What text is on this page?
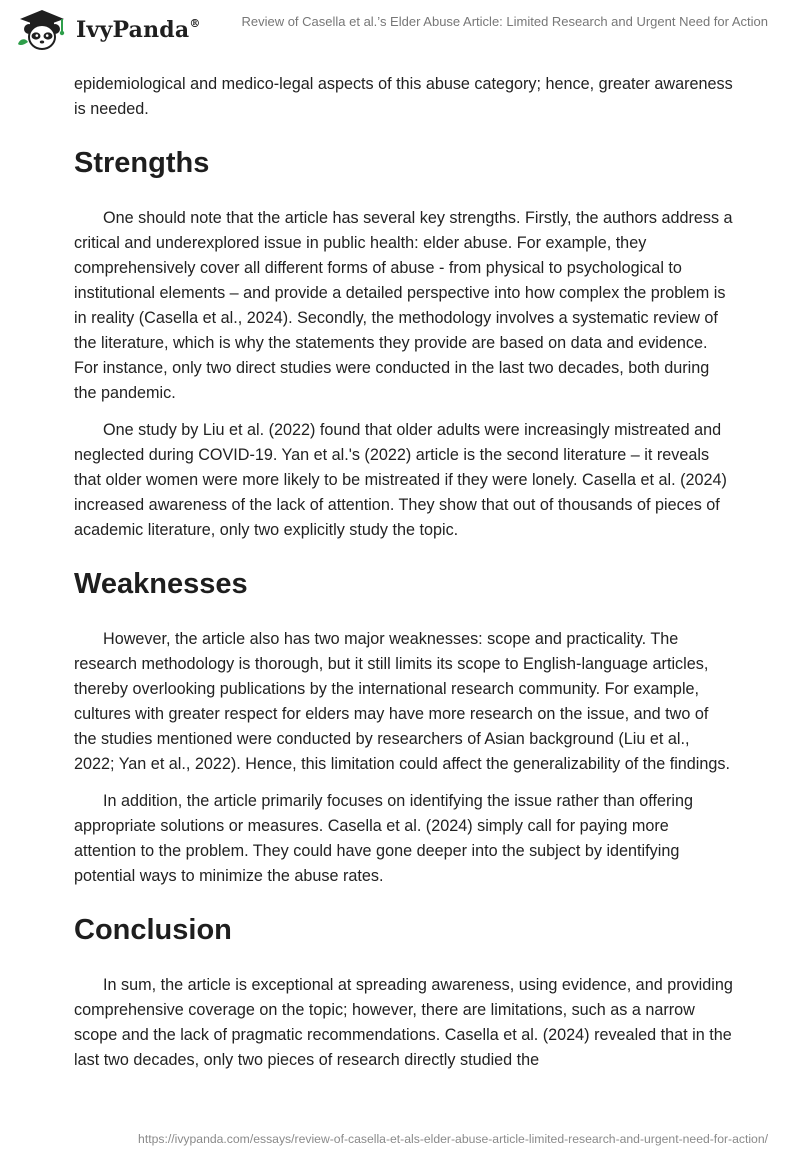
IvyPanda®	Review of Casella et al.’s Elder Abuse Article: Limited Research and Urgent Need for Action

epidemiological and medico-legal aspects of this abuse category; hence, greater awareness is needed.

Strengths

One should note that the article has several key strengths. Firstly, the authors address a critical and underexplored issue in public health: elder abuse. For example, they comprehensively cover all different forms of abuse - from physical to psychological to institutional elements – and provide a detailed perspective into how complex the problem is in reality (Casella et al., 2024). Secondly, the methodology involves a systematic review of the literature, which is why the statements they provide are based on data and evidence. For instance, only two direct studies were conducted in the last two decades, both during the pandemic.

One study by Liu et al. (2022) found that older adults were increasingly mistreated and neglected during COVID-19. Yan et al.'s (2022) article is the second literature – it reveals that older women were more likely to be mistreated if they were lonely. Casella et al. (2024) increased awareness of the lack of attention. They show that out of thousands of pieces of academic literature, only two explicitly study the topic.

Weaknesses

However, the article also has two major weaknesses: scope and practicality. The research methodology is thorough, but it still limits its scope to English-language articles, thereby overlooking publications by the international research community. For example, cultures with greater respect for elders may have more research on the issue, and two of the studies mentioned were conducted by researchers of Asian background (Liu et al., 2022; Yan et al., 2022). Hence, this limitation could affect the generalizability of the findings.

In addition, the article primarily focuses on identifying the issue rather than offering appropriate solutions or measures. Casella et al. (2024) simply call for paying more attention to the problem. They could have gone deeper into the subject by identifying potential ways to minimize the abuse rates.

Conclusion

In sum, the article is exceptional at spreading awareness, using evidence, and providing comprehensive coverage on the topic; however, there are limitations, such as a narrow scope and the lack of pragmatic recommendations. Casella et al. (2024) revealed that in the last two decades, only two pieces of research directly studied the

https://ivypanda.com/essays/review-of-casella-et-als-elder-abuse-article-limited-research-and-urgent-need-for-action/
